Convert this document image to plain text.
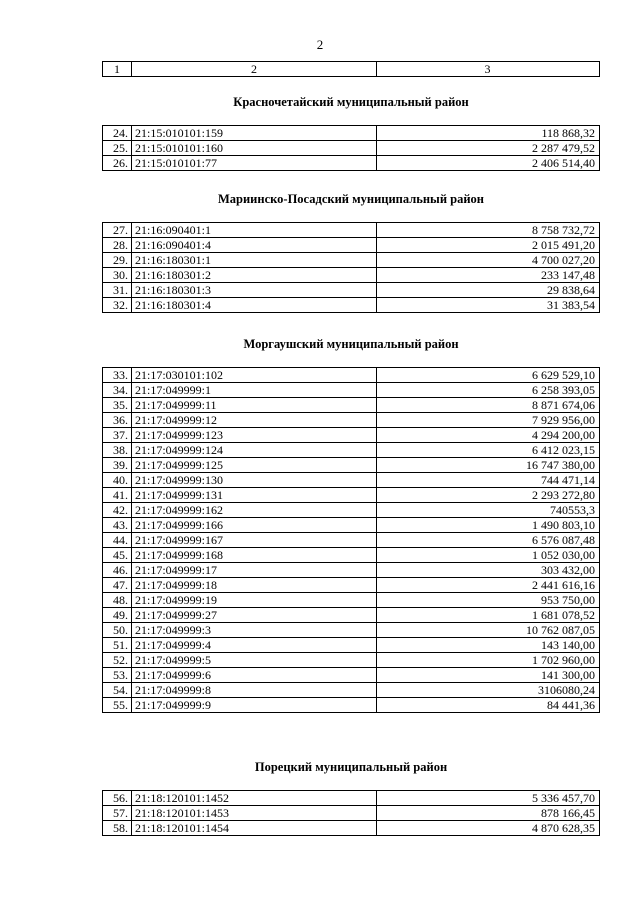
2
1	2	3
Красночетайский муниципальный район
24.	21:15:010101:159	118 868,32
25.	21:15:010101:160	2 287 479,52
26.	21:15:010101:77	2 406 514,40
Мариинско-Посадский муниципальный район
27.	21:16:090401:1	8 758 732,72
28.	21:16:090401:4	2 015 491,20
29.	21:16:180301:1	4 700 027,20
30.	21:16:180301:2	233 147,48
31.	21:16:180301:3	29 838,64
32.	21:16:180301:4	31 383,54
Моргаушский муниципальный район
33.	21:17:030101:102	6 629 529,10
34.	21:17:049999:1	6 258 393,05
35.	21:17:049999:11	8 871 674,06
36.	21:17:049999:12	7 929 956,00
37.	21:17:049999:123	4 294 200,00
38.	21:17:049999:124	6 412 023,15
39.	21:17:049999:125	16 747 380,00
40.	21:17:049999:130	744 471,14
41.	21:17:049999:131	2 293 272,80
42.	21:17:049999:162	740553,3
43.	21:17:049999:166	1 490 803,10
44.	21:17:049999:167	6 576 087,48
45.	21:17:049999:168	1 052 030,00
46.	21:17:049999:17	303 432,00
47.	21:17:049999:18	2 441 616,16
48.	21:17:049999:19	953 750,00
49.	21:17:049999:27	1 681 078,52
50.	21:17:049999:3	10 762 087,05
51.	21:17:049999:4	143 140,00
52.	21:17:049999:5	1 702 960,00
53.	21:17:049999:6	141 300,00
54.	21:17:049999:8	3106080,24
55.	21:17:049999:9	84 441,36
Порецкий муниципальный район
56.	21:18:120101:1452	5 336 457,70
57.	21:18:120101:1453	878 166,45
58.	21:18:120101:1454	4 870 628,35
